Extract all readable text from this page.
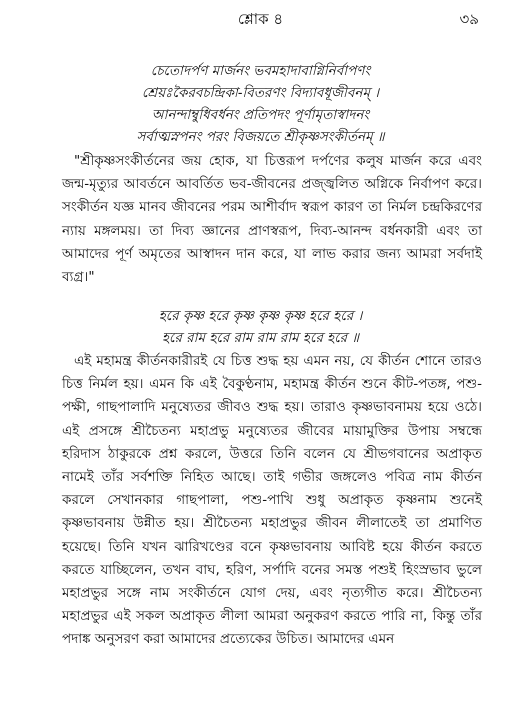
শ্লোক ৪	৩৯
চেতোদর্পণ মার্জনং ভবমহাদাবাগ্নিনির্বাপণং
শ্রেয়ঃকৈরবচন্দ্রিকা-বিতরণং বিদ্যাবধূজীবনম্ ।
আনন্দাম্বুধিবর্ধনং প্রতিপদং পূর্ণামৃতাস্বাদনং
সর্বাত্মস্নপনং পরং বিজয়তে শ্রীকৃষ্ণসংকীর্তনম্ ॥
"শ্রীকৃষ্ণসংকীর্তনের জয় হোক, যা চিত্তরূপ দর্পণের কলুষ মার্জন করে এবং জন্ম-মৃত্যুর আবর্তনে আবর্তিত ভব-জীবনের প্রজ্জ্বলিত অগ্নিকে নির্বাপণ করে। সংকীর্তন যজ্ঞ মানব জীবনের পরম আশীর্বাদ স্বরূপ কারণ তা নির্মল চন্দ্রকিরণের ন্যায় মঙ্গলময়। তা দিব্য জ্ঞানের প্রাণস্বরূপ, দিব্য-আনন্দ বর্ধনকারী এবং তা আমাদের পূর্ণ অমৃতের আস্বাদন দান করে, যা লাভ করার জন্য আমরা সর্বদাই ব্যগ্র।"
হরে কৃষ্ণ হরে কৃষ্ণ কৃষ্ণ কৃষ্ণ হরে হরে ।
হরে রাম হরে রাম রাম রাম হরে হরে ॥
এই মহামন্ত্র কীর্তনকারীরই যে চিত্ত শুদ্ধ হয় এমন নয়, যে কীর্তন শোনে তারও চিত্ত নির্মল হয়। এমন কি এই বৈকুণ্ঠনাম, মহামন্ত্র কীর্তন শুনে কীট-পতঙ্গ, পশু-পক্ষী, গাছপালাদি মনুষ্যেতর জীবও শুদ্ধ হয়। তারাও কৃষ্ণভাবনাময় হয়ে ওঠে। এই প্রসঙ্গে শ্রীচৈতন্য মহাপ্রভু মনুষ্যেতর জীবের মায়ামুক্তির উপায় সম্বন্ধে হরিদাস ঠাকুরকে প্রশ্ন করলে, উত্তরে তিনি বলেন যে শ্রীভগবানের অপ্রাকৃত নামেই তাঁর সর্বশক্তি নিহিত আছে। তাই গভীর জঙ্গলেও পবিত্র নাম কীর্তন করলে সেখানকার গাছপালা, পশু-পাখি শুধু অপ্রাকৃত কৃষ্ণনাম শুনেই কৃষ্ণভাবনায় উন্নীত হয়। শ্রীচৈতন্য মহাপ্রভুর জীবন লীলাতেই তা প্রমাণিত হয়েছে। তিনি যখন ঝারিখণ্ডের বনে কৃষ্ণভাবনায় আবিষ্ট হয়ে কীর্তন করতে করতে যাচ্ছিলেন, তখন বাঘ, হরিণ, সর্পাদি বনের সমস্ত পশুই হিংস্রভাব ভুলে মহাপ্রভুর সঙ্গে নাম সংকীর্তনে যোগ দেয়, এবং নৃত্যগীত করে। শ্রীচৈতন্য মহাপ্রভুর এই সকল অপ্রাকৃত লীলা আমরা অনুকরণ করতে পারি না, কিন্তু তাঁর পদাঙ্ক অনুসরণ করা আমাদের প্রত্যেকের উচিত। আমাদের এমন
